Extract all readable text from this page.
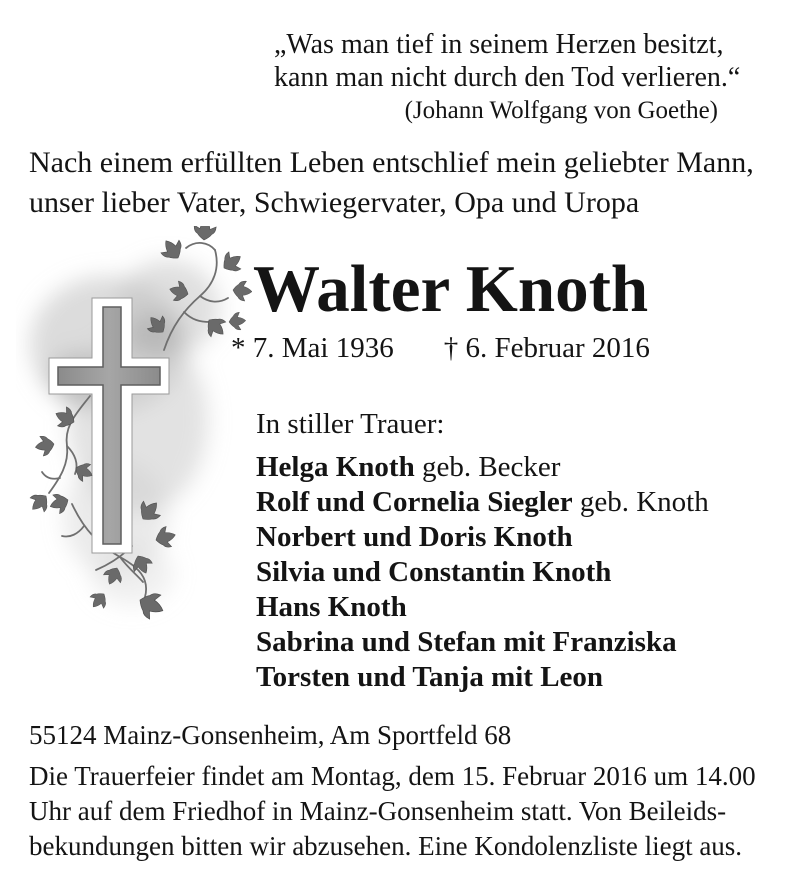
„Was man tief in seinem Herzen besitzt,
kann man nicht durch den Tod verlieren.“
(Johann Wolfgang von Goethe)
Nach einem erfüllten Leben entschlief mein geliebter Mann,
unser lieber Vater, Schwiegervater, Opa und Uropa
Walter Knoth
* 7. Mai 1936 † 6. Februar 2016
In stiller Trauer:
Helga Knoth geb. Becker
Rolf und Cornelia Siegler geb. Knoth
Norbert und Doris Knoth
Silvia und Constantin Knoth
Hans Knoth
Sabrina und Stefan mit Franziska
Torsten und Tanja mit Leon
55124 Mainz-Gonsenheim, Am Sportfeld 68
Die Trauerfeier findet am Montag, dem 15. Februar 2016 um 14.00
Uhr auf dem Friedhof in Mainz-Gonsenheim statt. Von Beileids-
bekundungen bitten wir abzusehen. Eine Kondolenzliste liegt aus.
